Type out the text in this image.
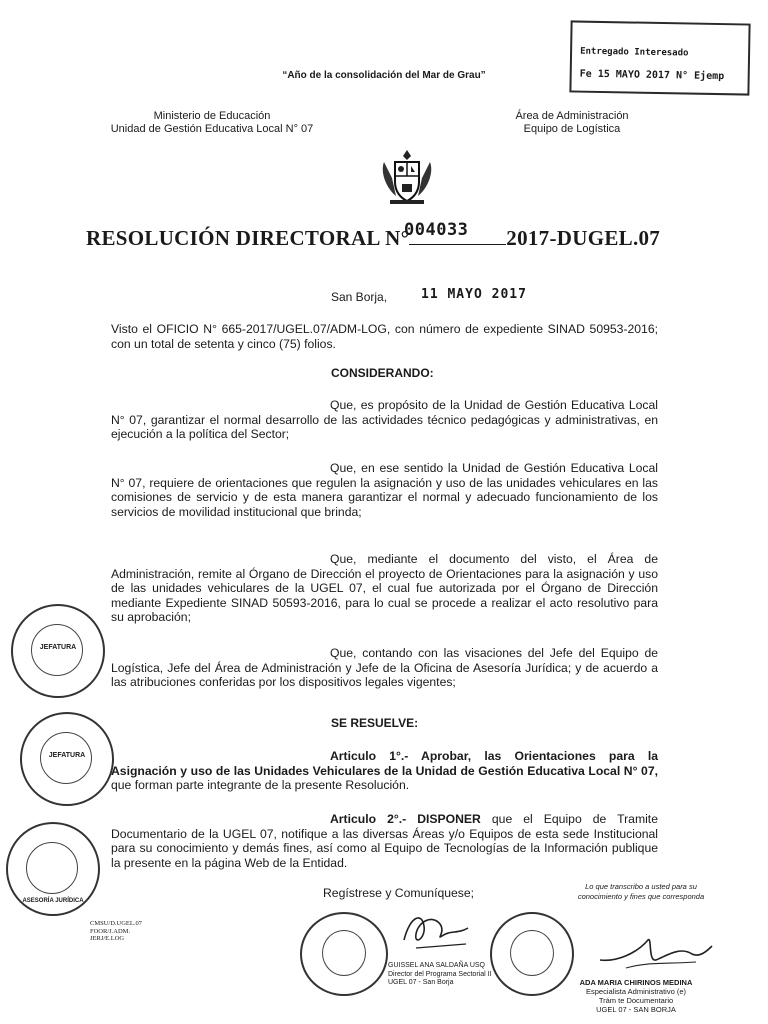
“Año de la consolidación del Mar de Grau”
Entregado Interesado
Fe 15 MAYO 2017 N° Ejemp
Ministerio de Educación
Unidad de Gestión Educativa Local N° 07
Área de Administración
Equipo de Logística
RESOLUCIÓN DIRECTORAL N°	2017-DUGEL.07
004033
San Borja,	11 MAYO 2017
Visto el OFICIO N° 665-2017/UGEL.07/ADM-LOG, con número de expediente SINAD 50953-2016; con un total de setenta y cinco (75) folios.
CONSIDERANDO:
Que, es propósito de la Unidad de Gestión Educativa Local N° 07, garantizar el normal desarrollo de las actividades técnico pedagógicas y administrativas, en ejecución a la política del Sector;
Que, en ese sentido la Unidad de Gestión Educativa Local N° 07, requiere de orientaciones que regulen la asignación y uso de las unidades vehiculares en las comisiones de servicio y de esta manera garantizar el normal y adecuado funcionamiento de los servicios de movilidad institucional que brinda;
Que, mediante el documento del visto, el Área de Administración, remite al Órgano de Dirección el proyecto de Orientaciones para la asignación y uso de las unidades vehiculares de la UGEL 07, el cual fue autorizada por el Órgano de Dirección mediante Expediente SINAD 50593-2016, para lo cual se procede a realizar el acto resolutivo para su aprobación;
Que, contando con las visaciones del Jefe del Equipo de Logística, Jefe del Área de Administración y Jefe de la Oficina de Asesoría Jurídica; y de acuerdo a las atribuciones conferidas por los dispositivos legales vigentes;
SE RESUELVE:
Articulo 1°.- Aprobar, las Orientaciones para la Asignación y uso de las Unidades Vehiculares de la Unidad de Gestión Educativa Local N° 07, que forman parte integrante de la presente Resolución.
Articulo 2°.- DISPONER que el Equipo de Tramite Documentario de la UGEL 07, notifique a las diversas Áreas y/o Equipos de esta sede Institucional para su conocimiento y demás fines, así como al Equipo de Tecnologías de la Información publique la presente en la página Web de la Entidad.
Regístrese y Comuníquese;
JEFATURA
JEFATURA
ASESORÍA JURÍDICA
CMSU/D.UGEL.07
FOOR/J.ADM.
JERJ/E.LOG
GUISSEL ANA SALDAÑA USQ
Director del Programa Sectorial II
UGEL 07 - San Borja
Lo que transcribo a usted para su
conocimiento y fines que corresponda
ADA MARIA CHIRINOS MEDINA
Especialista Administrativo (e)
Trám te Documentario
UGEL 07 - SAN BORJA
